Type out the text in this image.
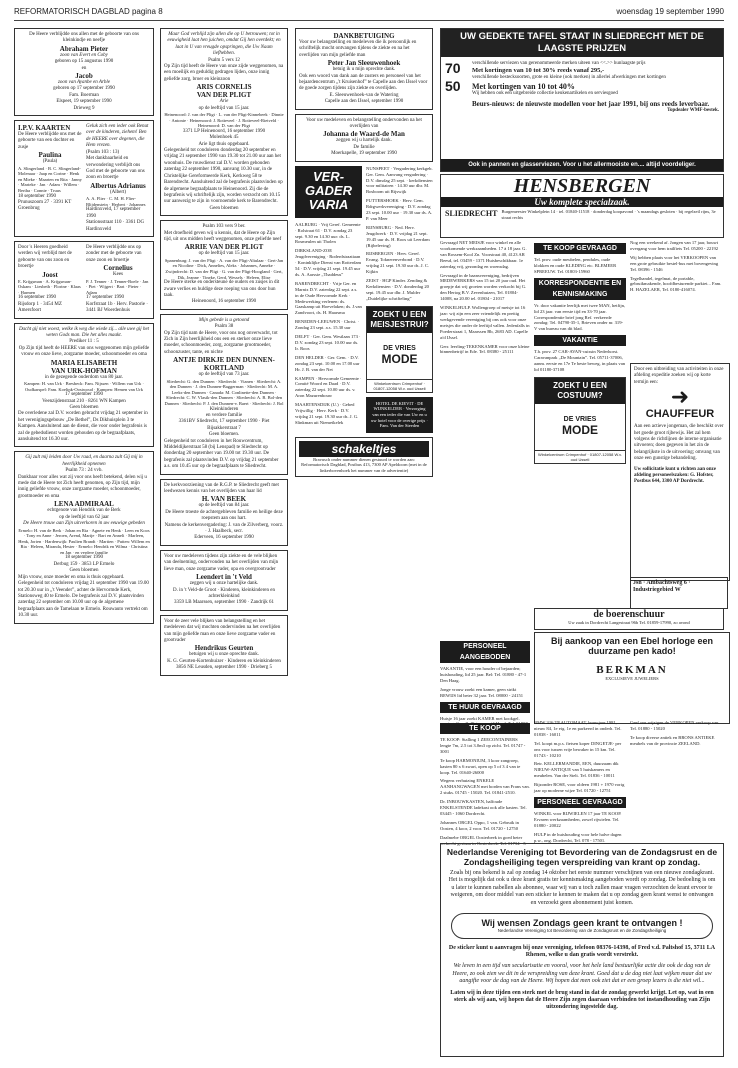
REFORMATORISCH DAGBLAD pagina 8	woensdag 19 september 1990
De Heere verblijdde ons allen met de geboorte van ons kleinkindje en neefje
Abraham Pieter
zoon van Evert en Coby
geboren op 15 augustus 1990
en
Jacob
zoon van Ayanbe en Arble
geboren op 17 september 1990
Fam. Boerman
Elspeet, 19 september 1990
Drieweg 9
I.P.V. KAARTEN
De Heere verblijdde ons met de geboorte van een dochter en zusje
Paulina
(Paula)
A. Slingerland · B. C. Slingerland-Molenaar · Jaap en Corine · Henk en Mieke · Maarten en Rita · Janny · Marieke · Jan · Adam · Willem · Bertha · Connie · Truus
18 september 1990
Prunuszoom 27 · 3391 KT Groenbrug
Geluk zich een ieder ook Benut over de kinderen, ziehem! Ben de HEERE over degenen, die Hem vrezen.
(Psalm 103 : 13)
Met dankbaarheid en verwondering verblijdt ons God met de geboorte van ons zoon en broertje
Albertus Adrianus
(Albert)
A. A. Flier · C. M. H. Flier-Blijdenstein · Herbert · Johannes
Hardinxveld, 17 september 1990
Stationsstraat 110 · 3361 DG Hardinxveld
Door 's Heeren goedheid werden wij verblijd met de geboorte van ons zoon en broertje
Joost
E. Krijgsman · A. Krijgsman-Oskam · Liesbeth · Florine · Klaas · Harmen
16 september 1990
Rijsdorp 1 · 3454 MZ Amersfoort
De Heere verblijdde ons op zonder met de geboorte van onze zoon en broertje
Cornelius
Kees
P. J. Tenner · J. Tenner-Boele · Jan · Piet · Wijgert · Bart · Pieter · Adam
17 september 1990
Korfstraat 1b · Herv. Pastorie · 3441 BJ Woerdenhuis
Dacht gij niet woest, welke ik weg die wiede zij... alle uwe gij het weten Gods man. Die het alles maakt.
Prediker 11 : 5
Op Zijn tijd heeft de HEERE van ons weggenomen mijn geliefde vrouw en onze lieve, zorgzame moeder, schoonmoeder en oma
MARIA ELISABETH
VAN URK-HOFMAN
in de gezegende ouderdom van 80 jaar.
Kampen: H. van Urk · Bresbeck: Fam. Nijssen · Willem van Urk · Oudkarspel: Fam. Koelink-Oostwoud · Kampen: Hemen van Urk
17 september 1990
Veenzijdenstraat 210 · 8261 WN Kampen
Geen bloemen
De overledene zal D.V. worden gebracht vrijdag 21 september in het verenigingsgebouw „De Bethel”, Ds Dikhuisplein 3 te Kampen. Aansluitend aan de dienst, die voor onder begrafenis is zal de gebedsdienst worden gehouden op de begraafplaats, aansluitend tot 16.30 uur.
Gij zult mij leiden door Uw raad, en daarna zult Gij mij in heerlijkheid opnemen
Psalm 73 : 24 vvb.
Dankbaar voor alles wat zij voor ons heeft betekend, delen wij u mede dat de Heere tot Zich heeft genomen, op Zijn tijd, mijn innig geliefde vrouw, onze zorgzame moeder, schoonmoeder, grootmoeder en oma
LENA ADMIRAAL
echtgenote van Hendrik van de Berk
op de leeftijd van 62 jaar
De Heere trouw aan Zijn uitverkoren in uw eeuwige gebeden
Ermelo: H. van de Berk · Johan en Ria · Agnete en Henk · Leen en Koos · Tony en Anne · Jeroen, Arend, Marije · Bart en Anneli · Marleen, Henk, Jorien · Hardenwijk: Paulien Brandt · Martien · Putten: Willem en Ria · Heleen, Miranda, Hester · Ermelo: Hendrik en Wilma · Christina en Jan · en verdere familie
18 september 1990
Derbug 159 · 3853 LP Ermelo
Geen bloemen
Mijn vrouw, onze moeder en oma is thuis opgebaard. Gelegenheid tot condoleren vrijdag 21 september 1990 van 19.00 tot 20.30 uur in „'t Veender”, achter de Hervormde Kerk, Stationsweg 40 te Ermelo. De begrafenis zal D.V. plaatsvinden zaterdag 22 september om 10.00 uur op de algemene begraafplaats aan de Tamelaan te Ermelo. Rouwauto vertrekt om 10.30 uur.
Maar God verblijd zijn allen die op U betrouwen; tot in eeuwigheid laat hen juichen, omdat Gij hen overdekt; en laat in U van vreugde opspringen, die Uw Naam liefhebben.
Psalm 5 vers 12
Op Zijn tijd heeft de Heere van onze zijde weggenomen, na een moeilijk en geduldig gedragen lijden, onze innig geliefde zorg, broer en kleinzoon
ARIS CORNELIS
VAN DER PLIGT
Arie
op de leeftijd van 15 jaar.
Heinenoord: J. van der Pligt · L. van der Pligt-Kinnebeek · Dinnie · Antonie · Heinenoord: J. Rotteveel · J. Rotteveel-Rietveld · Heinenoord: D. van der Pligt
3371 LP Heinenoord, 16 september 1990
Molenhoek 45
Arie ligt thuis opgebaard.
Gelegenheid tot condoleren donderdag 20 september en vrijdag 21 september 1990 van 19.30 tot 21.00 uur aan het woonhuis. De rouwdienst zal D.V. worden gehouden zaterdag 22 september 1990, aanvang 10.30 uur, in de Christelijke Gereformeerde Kerk, Kerkweg 58 te Barendrecht. Aansluitend zal de begrafenis plaatsvinden op de algemene begraafplaats te Heinenoord. Zij die de begrafenis wij schriftelijk zijn, worden verzocht om 10.15 uur aanwezig te zijn in voornoemde kerk te Barendrecht.
Geen bloemen
Psalm 103 vers 9 ber.
Met droefheid geven wij u kennis, dat de Heere op Zijn tijd, uit ons midden heeft weggenomen, onze geliefde neef
ARRIE VAN DER PLIGT
op de leeftijd van 15 jaar.
Spanenburg: J. van der Pligt · A. van der Pligt-Altulaar · Gert-Jan en Nicoline · Dick, Annelies, Aleks · Johannes, Anneke · Zwijndrecht: D. van der Pligt · G. van der Pligt-Hoogland · Gert, Dik, Jeanne · Tineke, Gerd, Wessels · Heleen, Elise
De Heere sterke en ondersteune de ouders en zusjes in dit zware verlies en huldige deze roeping van ons door hun taak.
Heinenoord, 16 september 1990
Mijn gebede is u getoond
Psalm 38
Op Zijn tijd nam de Heere, voor ons nog onverwacht, tot Zich in Zijn heerlijkheid ons een en sterker onze lieve moeder, schoonmoeder, zorg, zorgzame grootmoeder, schoonzuster, tante, en nichte
ANTJE DIRKJE DEN DUNNEN-
KORTLAND
op de leeftijd van 73 jaar.
Sliedrecht: G. den Dunnen · Sliedrecht · Vianen · Sliedrecht: A. den Dunnen · J. den Dunnen-Baggerman · Sliedrecht: M. A. Leeks-den Dunnen · Canada: M. Conlinette-den Dunnen · Sliedrecht: C. W. Vlasik-den Dunnen · Sliedrecht: A. B. Bol-den Dunnen · Sliedrecht: P. J. den Dunnen-v. Baert · Sliedrecht: J. Bol
Kleinkinderen
en verdere familie
3361BV Sliedrecht, 17 september 1990 · Piet Bijsakkerstraat 7
Geen bloemen.
Gelegenheid tot condoleren in het Rouwcentrum, Middeldijkerstraat 58 (bij Lenspad) te Sliedrecht op donderdag 20 september van 19.00 tot 19.30 uur. De begrafenis zal plaatsvinden D.V. op vrijdag 21 september a.s. om 10.45 uur op de begraafplaats te Sliedrecht.
De kerkvoorziening van de R.G.P. te Sliedrecht geeft met leedwezen kennis van het overlijden van haar lid
H. VAN BEEK
op de leeftijd van 84 jaar.
De Heere troeste de achtergebleven familie en heilige deze roepstem aan ons hart.
Namens de kerkenvergadering: J. van de Zilverberg, voorz. · J. Haalbeck, secr.
Ederveen, 16 september 1990
Voor uw medeleven tijdens zijn ziekte en de vele blijken van deelneming, ondervonden na het overlijden van mijn lieve man, onze zorgzame vader, opa en overgrootvader
Leendert in 't Veld
zeggen wij u onze hartelijke dank.
D. in 't Veld-de Groot · Kinderen, kleinkinderen en achterkleinkind
3359 LB Maarssen, september 1990 · Zandrijk 61
Voor de zeer vele blijken van belangstelling en het medeleven dat wij mochten ondervinden na het overlijden van mijn geliefde man en onze lieve zorgzame vader en grootvader
Hendrikus Geurten
betuigen wij u onze oprechte dank.
K. G. Geurten-Kortenhuizer · Kinderen en kleinkinderen
3856 NE Leusden, september 1990 · Drieberg 5
DANKBETUIGING
Voor uw belangstelling en medeleven die ik persoonlijk en schriftelijk mocht ontvangen tijdens de ziekte en na het overlijden van mijn geliefde man
Peter Jan Sleeuwenhoek
betuig ik u mijn oprechte dank.
Ook een woord van dank aan de zusters en personeel van het bejaardencentrum „'t Kruisenhof” te Capelle aan den IJssel voor de goede zorgen tijdens zijn ziekte en overlijden.
E. Sleeuwenhoek-van de Watering
Capelle aan den IJssel, september 1990
Voor uw medeleven en belangstelling ondervonden na het overlijden van
Johanna de Waard-de Man
zeggen wij u hartelijk dank.
De familie
Moerkapelle, 19 september 1990
VER-GADER VARIA
AALBURG · Vrij Geref. Gemeente · Rolstraat 61 · D.V. zondag 23 sept. 9.30 en 14.30 uur: ds. L. Rosmeulen uit Tholen
DIRKSLAND-ZOE Jeugdvereniging · Roderdstraatiaan · Koninklijke Dienst van Rotterdam 54 · D.V. vrijdag 21 sept. 19.45 uur ds. A. Aarssie „Thaddeus”
BARENDRECHT · Vrije Ger. en Marnix D.V. zaterdag 22 sept. a.s. in de Oude Hervormde Kerk · Medewerking verlenen: ds. Gaaskamp uit Hoevelaken; ds. J.van Zandvoort, ds. H. Haarsma
BENEDEN-LEEUWEN · Christ. · Zondag 23 sept. a.s. 15.30 uur
DELFT · Ger. Gem. Westlaan 173 · D.V. zondag 23 sept. 10.00 uur ds. Ir. Roos
DEN HELDER · Ger. Gem. · D.V. zondag 23 sept. 10.00 en 17.00 uur Hr. J. B. van der Net
KAMPEN · Hervormde Gemeente · Comité Woord en Daad · D.V. zaterdag 22 sept. 10.00 uur ds. v. Aron Mazurenbouw
MAARTENSDIJK (U.) · Gebed Vrijwillig · Herv. Kerk · D.V. vrijdag 21 sept. 19.30 uur ds. J. G. Slinkman uit Niemeikelek
NUNSPEET · Vergadering kerkgeb. Ger. Gem. Aanvang vergadering · D.V. dinsdag 25 sept. · kerkdiensten voor militairen · 14.30 uur dhr. M. Bosboom uit Rijswijk
PUTTERSHOEK · Herv. Gem. Rdrgwerkvereniging · D.V. zondag 23 sept. 10.00 uur · 19.30 uur ds. A. P. van Meer
RIJNSBURG · Ned. Herv. Jeugdwerk · D.V. vrijdag 21 sept. 19.45 uur ds. H. Roos uit Leerdam (Rijbeleving)
RIJSBERGEN · Herv. Geref. Evang. Toknerenverbond · D.V. vrijdag 21 sept. 19.30 uur ds. J. C. Kijkin
ZEIST · HGP Kinder. Zending & Kerkdiensten · D.V. donderdag 20 sept. 19.45 uur dhr. J. Mulder „Duidelijke schrifteling”
ZOEKT U EEN MEISJESTRUI?
DE VRIES
MODE
Winkelcentrum Crimpenhof · 01807-12058 W.v. oud Usseli
HOTEL DE KIEVIT · DE WIJNKELDER · Verzorging van een ieder die van Uw en u uw hotel voor de overige prijs · Fam. Van der Steeden
schakeltjes
Bravusch onder nummer dienen gestuurd te worden aan: Reformatorisch Dagblad, Postbus 413, 7300 AP Apeldoorn (met in de linkerbovenhoek het nummer van de advertentie)
UW GEDEKTE TAFEL STAAT IN SLIEDRECHT MET DE LAAGSTE PRIJZEN
70
50
verschillende serviezen van gerenommeerde merken uiteen van <<.>> hunlaagste prijs
Met kortingen van 10 tot 30% reeds vanaf 295,-
verschillende bestecksoorten, grote en kleine (ook merken) in allerlei afwerkingen met kortingen
Met kortingen van 10 tot 40%
Wij hebben ook een uitgebreide collectie keukenartikelen en serviesgoed
Beurs-nieuws: de nieuwste modellen voor het jaar 1991, bij ons reeds leverbaar.
Topdealer WMF-bestek.
Ook in pannen en glasserviezen. Voor u het allermooiste en.... altijd voordeliger.
HENSBERGEN
Uw komplete specialzaak.
SLIEDRECHT Burgemeester Winkelplein 14 · tel. 01840-11518 · donderdag koopavond · 's maandags gesloten · bij regelzeil rijns, 3e straat rechts
Gevraagd NET MEISJE voor winkel en alle voorkomende werkzaamheden. 17 à 18 jaar. G. van Rossem-Kool Zn. Voorstraat 40, 4123 AR Beesd, tel. 03459 - 1371 Huisbeschikbaar. 1e zaterdag vrij, gezondag en woensdag.
Gevraagd in de baansvereniging, bedrijven MEDEWERKERS van 15 tot 20 jaar oud. Het groepje dat wij groeien worden verkocht bij G. den Hertog B.V. Zevenhuizen, Tel. 01804-14008, na 20.00 tel. 01804 - 21017
WINKELHULP. Wollengroep of meisje tot 16 jaar: wij zijn een zeer vriendelijk en prettig werkgevende vereniging bij ons ook voor onze meisjes die onder de leeftijd vallen. Jedenfalls in Poederstraat 1, Maarssen Bb, 2683 AD. Capelle a/d IJssel.
Gerr. leerling-TEKENKAMER voor onze kleine binnenbetrijf in Ede. Tel. 08380 - 25111
TE KOOP GEVRAAGD
Tel. prov. oude meubelen, pendules, oude klokken en oude KLEDING etc. BLEMEER SPREEUW. Tel. 01803-15960
KORRESPONDENTIE EN KENNISMAKING
Vr. door vakantie leerlijk met twee MAN, hetfijn, lid 23 jaar. van eerste tijd en 33-70 jaar. Correspondentie brief jong Ref. verkeerde zondag: Tel. 04790-35-1, Brieven onder nr. 319-V van bureau van dit blad.
VAKANTIE
T.h. prov. 27 CAR-AVAN-cuissin Nederhorst. Caravanpark „De Mountain”. Tel. 05711-37006, aanm. eerste en 17e Te beste beweg, in plaats van lid 01180-37108
ZOEKT U EEN COSTUUM?
DE VRIES
MODE
Winkelcentrum Crimpenhof · 01807-12058 W.v. oud Usseli
Nog een weekend af. Jongen van 17 jaar, bouwt overgang voor hem trailfiets Tel. 05200 - 22192
Wij hebben plaats voor het VERKOOPEN van een grote gebruikte bestel-bus met bovengeving Tel. 08396 - 1546
Tegelhandel, tegelmat, de portable, gebruikmakende, hoofdbesturende parkiet... Fam. H. HAZELAER, Tel. 0180-416074.
Door een uitbreiding van activiteiten in onze afdeling expeditie zoeken wij op korte termijn een:
➜
CHAUFFEUR
Aan een actieve jongeman, die beschikt over het goede groot rijbewijs. Het zal hem volgens de richtlijnen de interne organisatie uitvoeren; doen gegeven in het zin de belangrijkste in de uitvoering; omvang van onze een gunstige behandeling.
Uw sollicitatie kunt u richten aan onze afdeling personeelszaken: G. Hofster, Postbus 644, 3300 AP Dordrecht.
Jsn · Ambachtsweg 6 · Industriegebied W
de boerenschuur
Uw zaak in Dordrecht Langestraat 96b Tel. 01859-17990, zo avond
PERSONEEL AANGEBODEN
VAKANTIE, voor een houder of bejaarden; huishouding, lid 25 jaar. Bel: Tel. 01880 - 47-1 Den Haag.
Jonge vrouw zoekt een kamer, geen strikt BEWIJS lid beter 32 jaar. Tel. 08000 - 24151
TE HUUR GEVRAAGD
Huisje 16 jaar zoekt KAMER met kookgel.
Bij aankoop van een Ebel horloge een duurzame pen kado!
BERKMAN
EXCLUSIEVE JUWELIERS
TE KOOP
TE KOOP: Stalling 1 ZEECONTAINERS lengte 7m, 2.5 tot 3.0m3 op zicht. Tel. 01747 - 3001
Te koop HARMONIUM, 3 koor zangroep, kasten 80 x 6 zwart, open op 5 of 3 4 van te koop. Tel. 01640-26000
Wegens verhuizing ENKELE AANHANGWAGEN met borden van Frans van. 2 stuks. 01745 - 15020. Tel. 01841-2510.
Dr. INBOUWKASTEN, halfoude ENKELSTENDE ladekast ook alle kasten. Tel. 03445 - 1060 Dordrecht.
Johannes ORGEL Oppo, 1 van. Gebruik in Oosten, 4 koor, 2 voor. Tel. 01720 - 12750
Daalmebe ORGEL Oosterbeek in goed beter verkocht gestaan in Oosterbeek. Tel. 01734 - 5
BMW 316 TP AUTOMAAT, bouwjaar 1981, nieuw 84, 1e eig. 1e en parkeerd in onderh. Tel. 01838 - 16011
Tel. koopt m.p.s. fietsen koper DINGETJE- per ons voor tussen vrije bewaker in 15 km. Tel. 01743 - 10210
Betr. KELLERMANDIE, EEN, duurzaam dik NIEUW-ANTIQUE van 5 huiskamers en meubelen. Van der Stelt. Tel. 01836 - 10011
Bijzonder ROSE, voor oldeen 1981 + 1970 vorig jaar op moderne wijze Tel. 01720 - 12751
PERSONEEL GEVRAAGD
WINKEL voor RIJWIELEN 17 jaar TE KOOP. Ervaren werkzaamheden, zowel rijwielen. Tel. 01880 - 20022
HULP in de huishouding voor hele halve dagen p.w., ong. Dordrecht, Tel. 078 - 17501.
Geef ons wijzigen de VERKOPEN verkoop van. Tel. 01880 - 15020
Te koop diverse antiek en BRONS ANTIEKE meubels van de provincie ZEELAND.
Nederlandse Vereniging tot Bevordering van de Zondagsrust en de Zondagsheiliging tegen verspreiding van krant op zondag.
Zoals bij ons bekend is zal op zondag 14 oktober het eerste nummer verschijnen van een nieuwe zondagkrant. Het is mogelijk dat ook u deze krant gratis ter kennismaking aangeboden wordt op zondag. De bedoeling is om u later te kunnen nabellen als abonnee, waar wij van u toch zullen maar vragen verzochten de krant ervoor te weigeren, om door middel van een sticker te kennen te maken dat u op zondag geen krant wenst te ontvangen en verzoekt geen abonnement juist komen.
Wij wensen Zondags geen krant te ontvangen !
Nederlandse Vereniging tot Bevordering van de Zondagsrust en de Zondagsheiliging
De sticker kunt u aanvragen bij onze vereniging, telefoon 08376-14398, of Fred v.d. Paltshof 15, 3711 LA Rhenen, welke u dan gratis wordt verstrekt.
We leven in een tijd van secularisatie en vooral, voor het hele land bestuurlijke actie die ook de dag van de Heere, zo ook zien we dit in de verspreiding van deze krant. Goed dat u de dag niet laat wijken maar dat uw aangifte voor de dag van de Heere. Wij hopen dat men ook ziet dat er een groep lezers is die niet wil...
Laten wij in deze tijden een sterk met de brug stand in dat de zondag gewerkt krijgt. Let op, wat in een sterk als wij aan, wij hopen dat de Heere Zijn zegen daaraan verbinden tot instandhouding van Zijn uitzondering ingestelde dag.
